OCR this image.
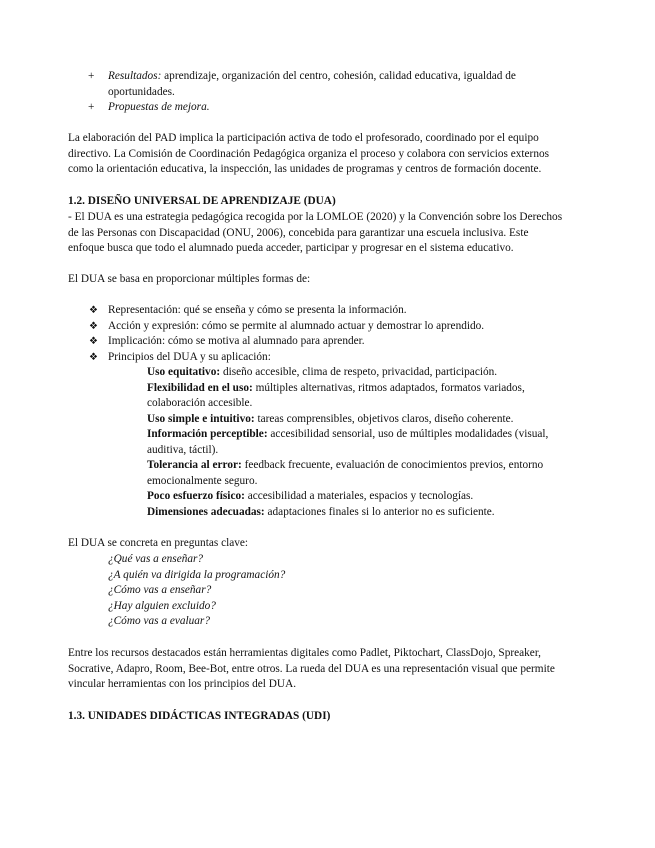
+ Resultados: aprendizaje, organización del centro, cohesión, calidad educativa, igualdad de
oportunidades.
+ Propuestas de mejora.
La elaboración del PAD implica la participación activa de todo el profesorado, coordinado por el equipo
directivo. La Comisión de Coordinación Pedagógica organiza el proceso y colabora con servicios externos
como la orientación educativa, la inspección, las unidades de programas y centros de formación docente.
1.2. DISEÑO UNIVERSAL DE APRENDIZAJE (DUA)
- El DUA es una estrategia pedagógica recogida por la LOMLOE (2020) y la Convención sobre los Derechos
de las Personas con Discapacidad (ONU, 2006), concebida para garantizar una escuela inclusiva. Este
enfoque busca que todo el alumnado pueda acceder, participar y progresar en el sistema educativo.
El DUA se basa en proporcionar múltiples formas de:
❖ Representación: qué se enseña y cómo se presenta la información.
❖ Acción y expresión: cómo se permite al alumnado actuar y demostrar lo aprendido.
❖ Implicación: cómo se motiva al alumnado para aprender.
❖ Principios del DUA y su aplicación:
Uso equitativo: diseño accesible, clima de respeto, privacidad, participación.
Flexibilidad en el uso: múltiples alternativas, ritmos adaptados, formatos variados,
colaboración accesible.
Uso simple e intuitivo: tareas comprensibles, objetivos claros, diseño coherente.
Información perceptible: accesibilidad sensorial, uso de múltiples modalidades (visual,
auditiva, táctil).
Tolerancia al error: feedback frecuente, evaluación de conocimientos previos, entorno
emocionalmente seguro.
Poco esfuerzo físico: accesibilidad a materiales, espacios y tecnologías.
Dimensiones adecuadas: adaptaciones finales si lo anterior no es suficiente.
El DUA se concreta en preguntas clave:
¿Qué vas a enseñar?
¿A quién va dirigida la programación?
¿Cómo vas a enseñar?
¿Hay alguien excluido?
¿Cómo vas a evaluar?
Entre los recursos destacados están herramientas digitales como Padlet, Piktochart, ClassDojo, Spreaker,
Socrative, Adapro, Room, Bee-Bot, entre otros. La rueda del DUA es una representación visual que permite
vincular herramientas con los principios del DUA.
1.3. UNIDADES DIDÁCTICAS INTEGRADAS (UDI)
